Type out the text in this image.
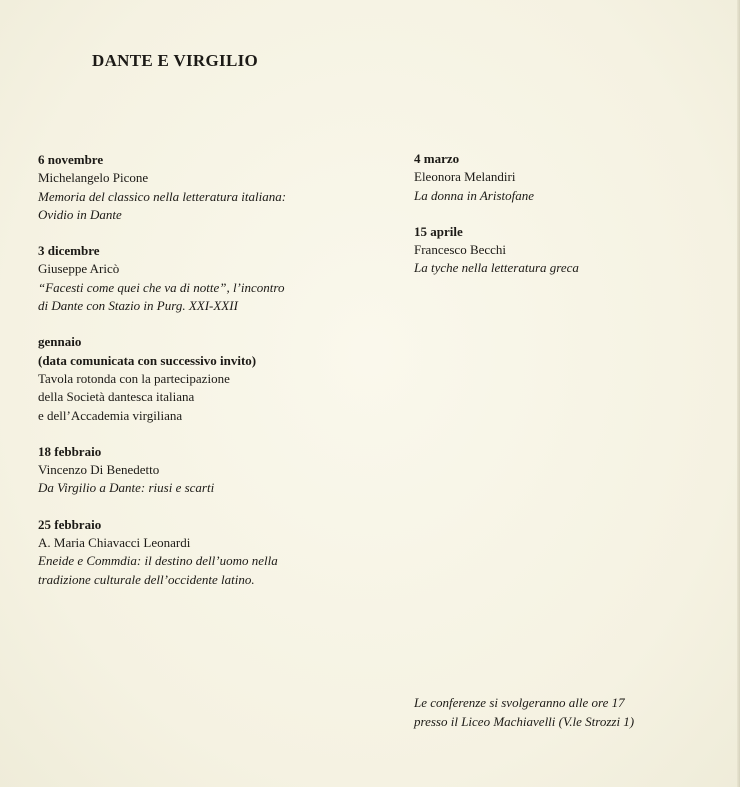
DANTE E VIRGILIO
6 novembre
Michelangelo Picone
Memoria del classico nella letteratura italiana:
Ovidio in Dante
3 dicembre
Giuseppe Aricò
“Facesti come quei che va di notte”, l’incontro
di Dante con Stazio in Purg. XXI-XXII
gennaio
(data comunicata con successivo invito)
Tavola rotonda con la partecipazione
della Società dantesca italiana
e dell’Accademia virgiliana
18 febbraio
Vincenzo Di Benedetto
Da Virgilio a Dante: riusi e scarti
25 febbraio
A. Maria Chiavacci Leonardi
Eneide e Commdia: il destino dell’uomo nella
tradizione culturale dell’occidente latino.
4 marzo
Eleonora Melandiri
La donna in Aristofane
15 aprile
Francesco Becchi
La tyche nella letteratura greca
Le conferenze si svolgeranno alle ore 17
presso il Liceo Machiavelli (V.le Strozzi 1)
